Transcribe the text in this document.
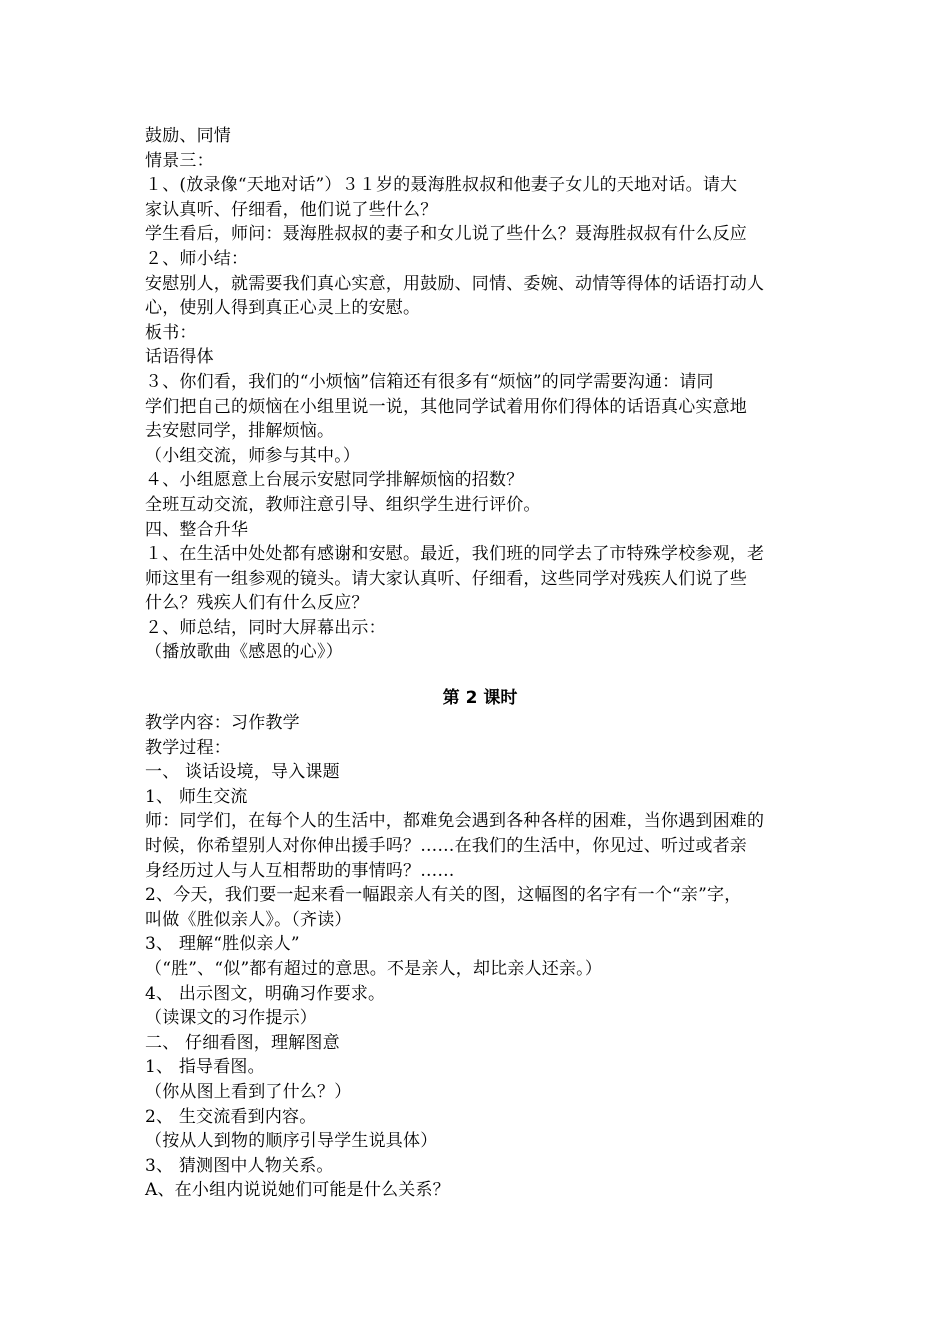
鼓励、同情
情景三：
１、(放录像“天地对话”）３１岁的聂海胜叔叔和他妻子女儿的天地对话。请大
家认真听、仔细看，他们说了些什么？
学生看后，师问：聂海胜叔叔的妻子和女儿说了些什么？聂海胜叔叔有什么反应
２、师小结：
安慰别人，就需要我们真心实意，用鼓励、同情、委婉、动情等得体的话语打动人
心，使别人得到真正心灵上的安慰。
板书：
话语得体
３、你们看，我们的“小烦恼”信箱还有很多有“烦恼”的同学需要沟通：请同
学们把自己的烦恼在小组里说一说，其他同学试着用你们得体的话语真心实意地
去安慰同学，排解烦恼。
（小组交流，师参与其中。）
４、小组愿意上台展示安慰同学排解烦恼的招数？
全班互动交流，教师注意引导、组织学生进行评价。
四、整合升华
１、在生活中处处都有感谢和安慰。最近，我们班的同学去了市特殊学校参观，老
师这里有一组参观的镜头。请大家认真听、仔细看，这些同学对残疾人们说了些
什么？残疾人们有什么反应？
２、师总结，同时大屏幕出示：
（播放歌曲《感恩的心》）
第 2 课时
教学内容：习作教学
教学过程：
一、 谈话设境，导入课题
1、 师生交流
师：同学们，在每个人的生活中，都难免会遇到各种各样的困难，当你遇到困难的
时候，你希望别人对你伸出援手吗？……在我们的生活中，你见过、听过或者亲
身经历过人与人互相帮助的事情吗？……
2、今天，我们要一起来看一幅跟亲人有关的图，这幅图的名字有一个“亲”字，
叫做《胜似亲人》。（齐读）
3、 理解“胜似亲人”
（“胜”、“似”都有超过的意思。不是亲人，却比亲人还亲。）
4、 出示图文，明确习作要求。
（读课文的习作提示）
二、 仔细看图，理解图意
1、 指导看图。
（你从图上看到了什么？）
2、 生交流看到内容。
（按从人到物的顺序引导学生说具体）
3、 猜测图中人物关系。
A、在小组内说说她们可能是什么关系？
